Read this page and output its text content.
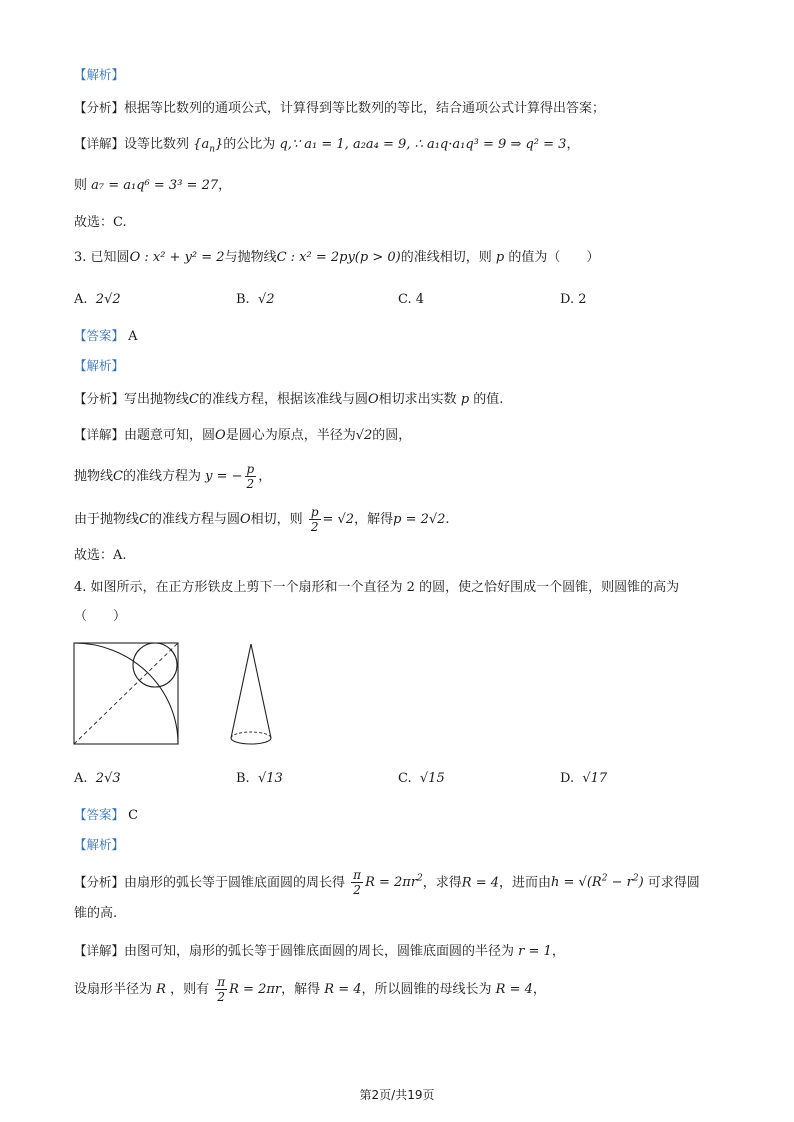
【解析】
【分析】根据等比数列的通项公式，计算得到等比数列的等比，结合通项公式计算得出答案；
【详解】设等比数列 $\{a_n\}$的公比为 q,∵ a₁ = 1, a₂a₄ = 9, ∴ a₁q·a₁q³ = 9 ⇒ q² = 3，
则 a₇ = a₁q⁶ = 3³ = 27，
故选：C.
3. 已知圆O : x² + y² = 2与抛物线C : x² = 2py(p > 0)的准线相切，则 p 的值为（　　）
A. 2√2	B. √2	C. 4	D. 2
【答案】 A
【解析】
【分析】写出抛物线C的准线方程，根据该准线与圆O相切求出实数 p 的值.
【详解】由题意可知，圆O是圆心为原点，半径为√2的圆，
抛物线C的准线方程为 y = − $\frac{p}{2}$ ，
由于抛物线C的准线方程与圆O相切，则 $\frac{p}{2} = √2$，解得p = 2√2.
故选：A.
4. 如图所示，在正方形铁皮上剪下一个扇形和一个直径为 2 的圆，使之恰好围成一个圆锥，则圆锥的高为
（　　）
A. 2√3	B. √13	C. √15	D. √17
【答案】 C
【解析】
【分析】由扇形的弧长等于圆锥底面圆的周长得 $\frac{\pi}{2}$ $R = 2\pi r^2$，求得R = 4，进而由$h = √(R^2 - r^2)$ 可求得圆
锥的高.
【详解】由图可知，扇形的弧长等于圆锥底面圆的周长，圆锥底面圆的半径为 r = 1，
设扇形半径为 R ，则有 $\frac{\pi}{2}$ R = 2πr，解得 R = 4，所以圆锥的母线长为 R = 4，
第2页/共19页
